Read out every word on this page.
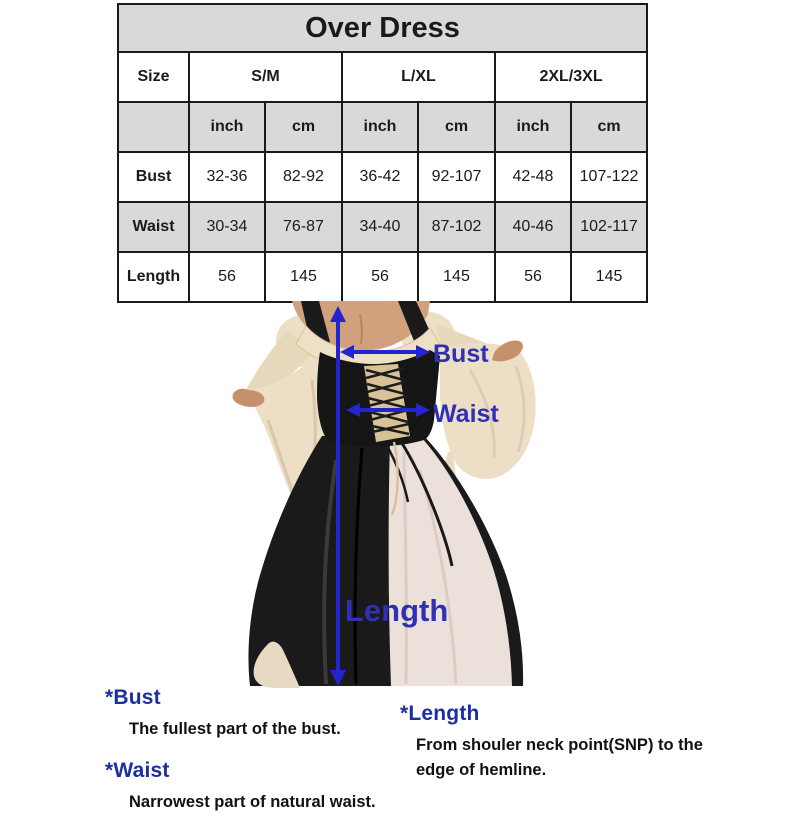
Over Dress						
Size	S/M		L/XL		2XL/3XL	
	inch	cm	inch	cm	inch	cm
Bust	32-36	82-92	36-42	92-107	42-48	107-122
Waist	30-34	76-87	34-40	87-102	40-46	102-117
Length	56	145	56	145	56	145
Bust
Waist
Length
*Bust
The fullest part of the bust.
*Waist
Narrowest part of natural waist.
*Length
From shouler neck point(SNP) to the edge of hemline.
